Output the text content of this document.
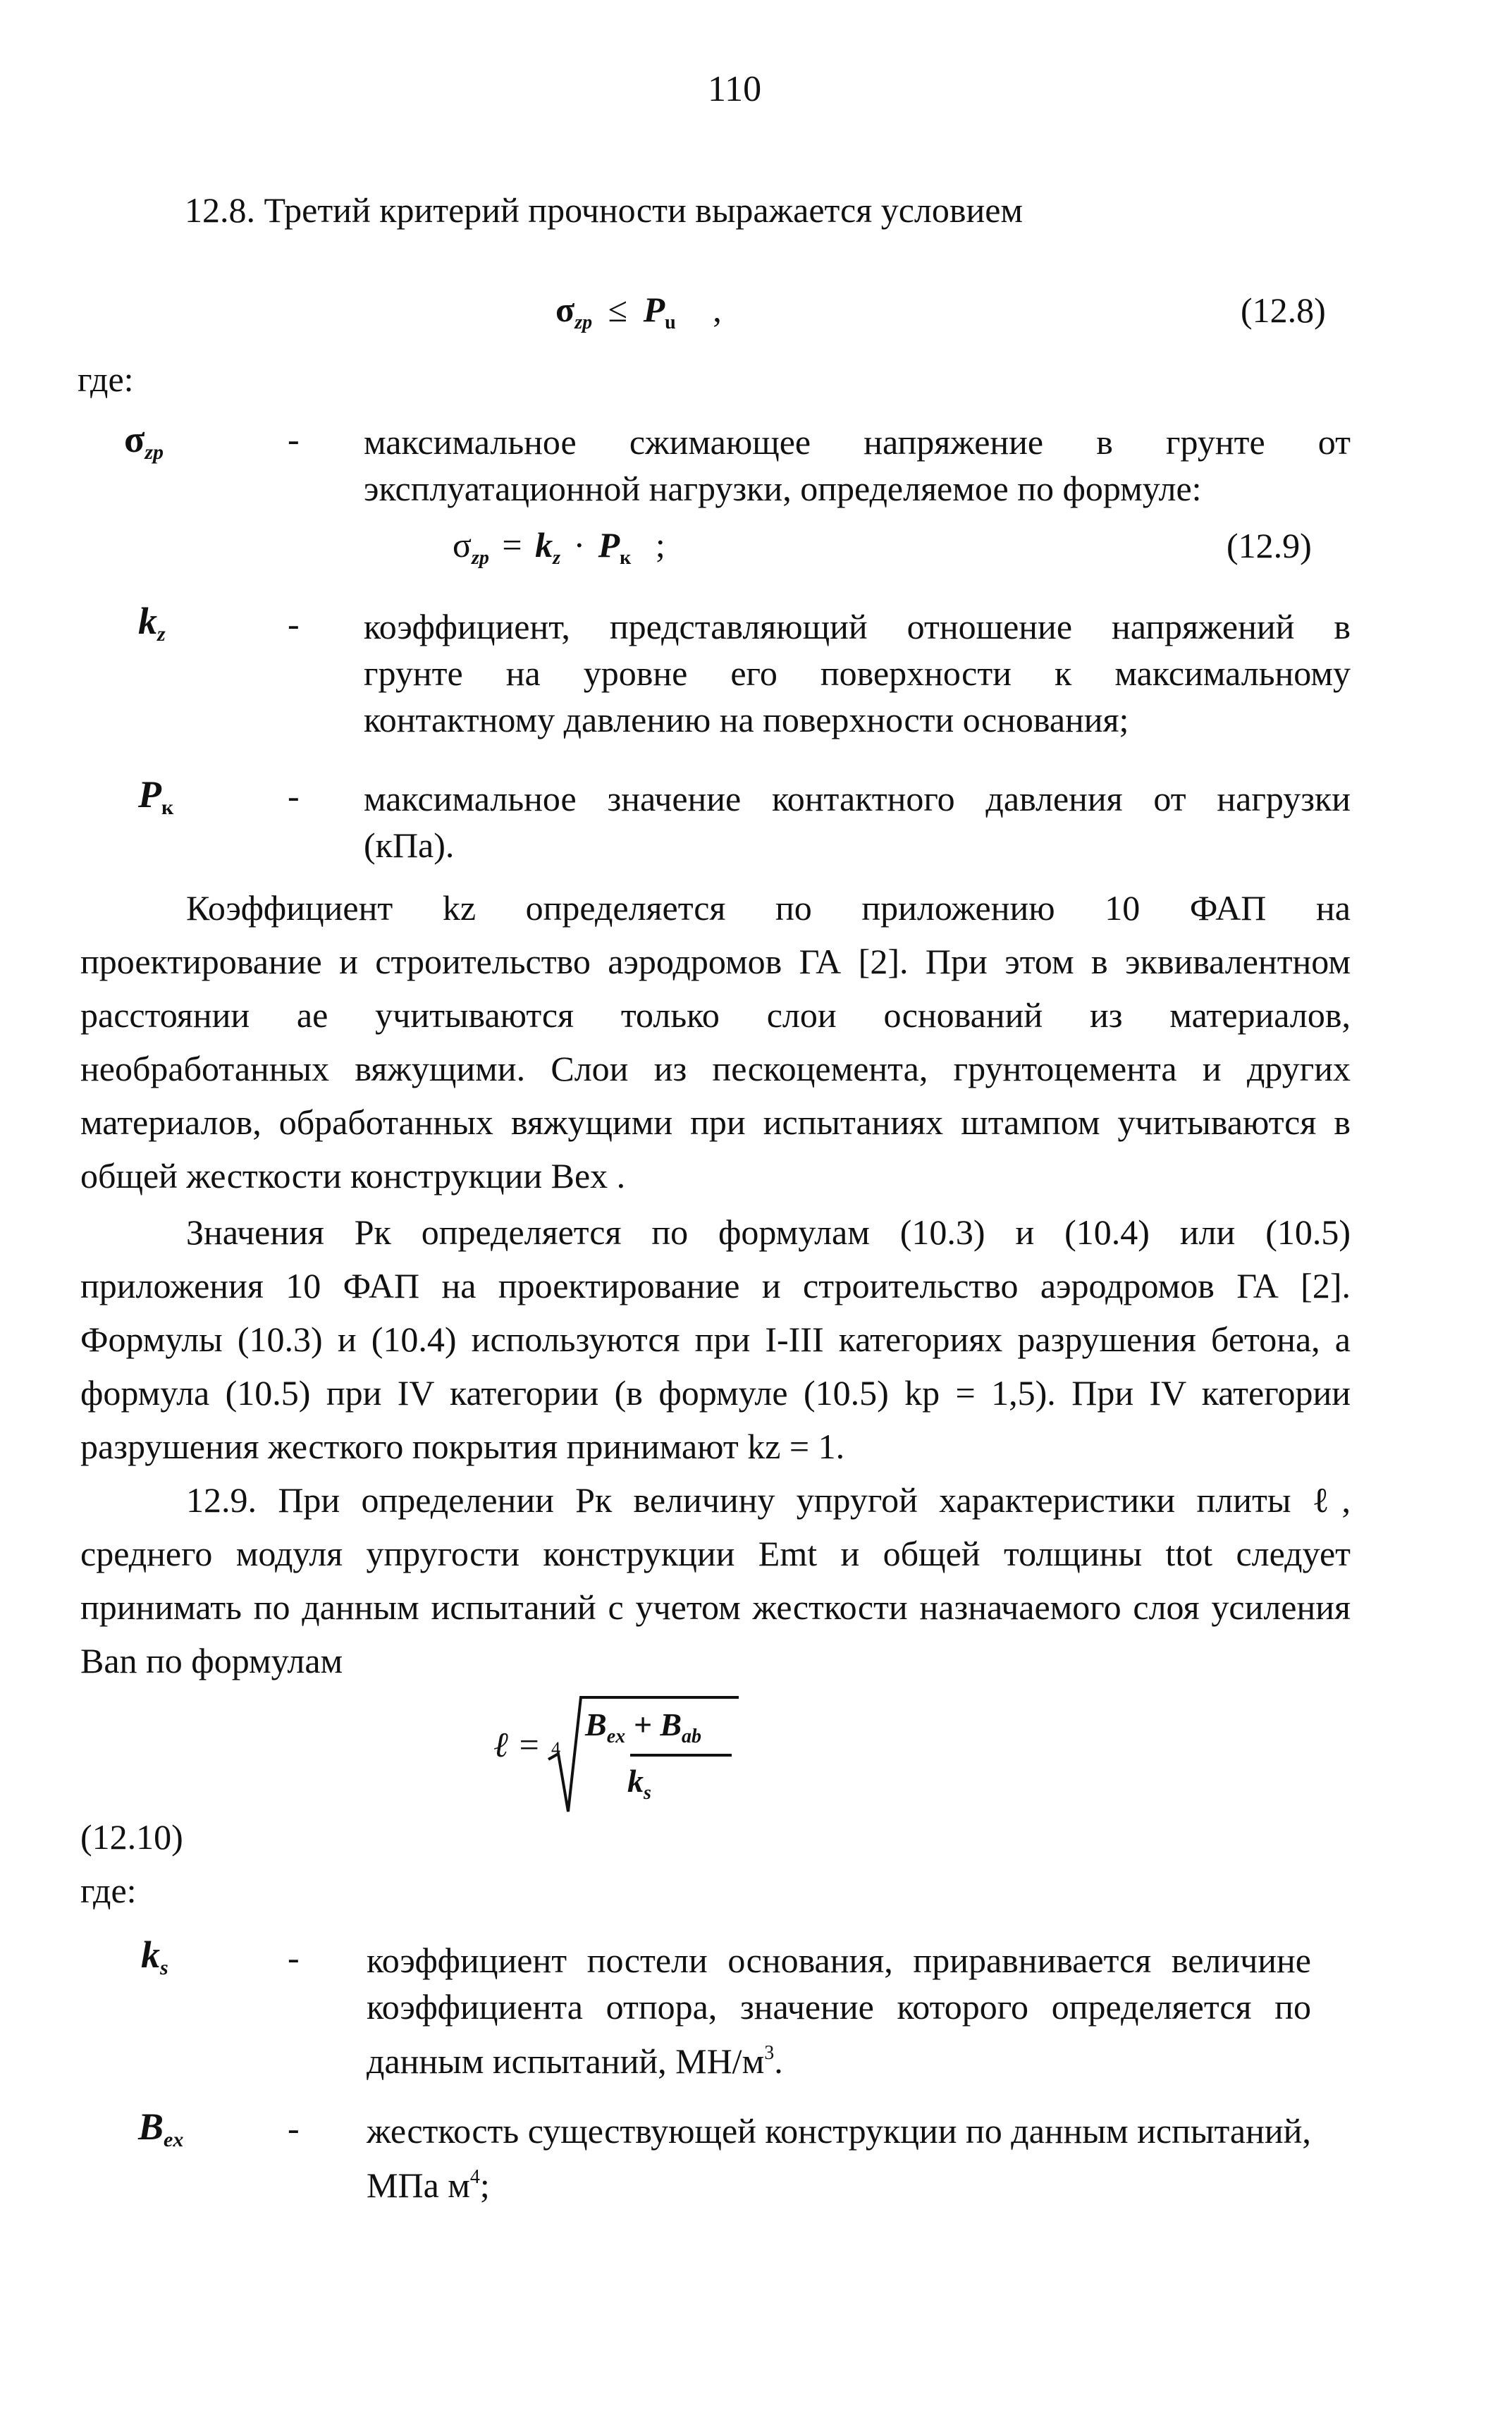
110
12.8. Третий критерий прочности выражается условием
$\sigma_{zp} \le P_u$ ,	(12.8)
где:
$\sigma_{zp}$	- максимальное сжимающее напряжение в грунте от
эксплуатационной нагрузки, определяемое по формуле:
$\sigma_{zp} = k_z \cdot P_к$ ;	(12.9)
$k_z$	- коэффициент, представляющий отношение напряжений в
грунте на уровне его поверхности к максимальному
контактному давлению на поверхности основания;
$P_к$	- максимальное значение контактного давления от нагрузки
(кПа).
Коэффициент kz определяется по приложению 10 ФАП на
проектирование и строительство аэродромов ГА [2]. При этом в эквивалентном
расстоянии ae учитываются только слои оснований из материалов,
необработанных вяжущими. Слои из пескоцемента, грунтоцемента и других
материалов, обработанных вяжущими при испытаниях штампом учитываются в
общей жесткости конструкции Bex .
Значения Pк определяется по формулам (10.3) и (10.4) или (10.5)
приложения 10 ФАП на проектирование и строительство аэродромов ГА [2].
Формулы (10.3) и (10.4) используются при I-III категориях разрушения бетона, а
формула (10.5) при IV категории (в формуле (10.5) kp = 1,5). При IV категории
разрушения жесткого покрытия принимают kz = 1.
12.9. При определении Pк величину упругой характеристики плиты ℓ,
среднего модуля упругости конструкции Emt и общей толщины ttot следует
принимать по данным испытаний с учетом жесткости назначаемого слоя усиления
Ban по формулам
ℓ = 4
$B_{ex} + B_{ab}$
$k_s$
(12.10)
где:
$k_s$	- коэффициент постели основания, приравнивается величине
коэффициента отпора, значение которого определяется по
данным испытаний, $МН/м^3$.
$B_{ex}$	- жесткость существующей конструкции по данным испытаний,
МПа $м^4$;
